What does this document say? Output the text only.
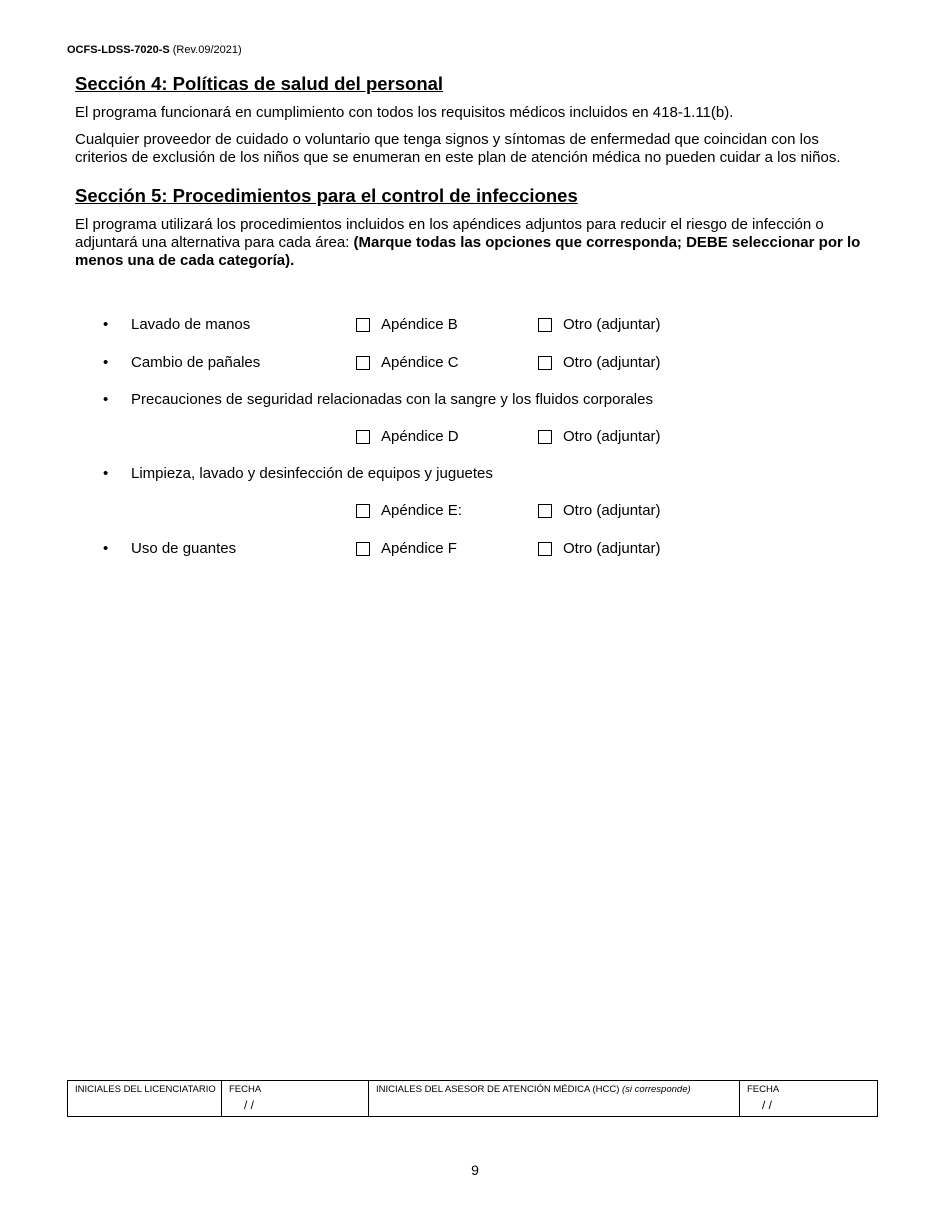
OCFS-LDSS-7020-S (Rev.09/2021)
Sección 4: Políticas de salud del personal
El programa funcionará en cumplimiento con todos los requisitos médicos incluidos en 418-1.11(b).
Cualquier proveedor de cuidado o voluntario que tenga signos y síntomas de enfermedad que coincidan con los criterios de exclusión de los niños que se enumeran en este plan de atención médica no pueden cuidar a los niños.
Sección 5: Procedimientos para el control de infecciones
El programa utilizará los procedimientos incluidos en los apéndices adjuntos para reducir el riesgo de infección o adjuntará una alternativa para cada área: (Marque todas las opciones que corresponda; DEBE seleccionar por lo menos una de cada categoría).
• Lavado de manos	Apéndice B	Otro (adjuntar)
• Cambio de pañales	Apéndice C	Otro (adjuntar)
• Precauciones de seguridad relacionadas con la sangre y los fluidos corporales
Apéndice D	Otro (adjuntar)
• Limpieza, lavado y desinfección de equipos y juguetes
Apéndice E:	Otro (adjuntar)
• Uso de guantes	Apéndice F	Otro (adjuntar)
INICIALES DEL LICENCIATARIO	FECHA
/ /
INICIALES DEL ASESOR DE ATENCIÓN MÉDICA (HCC) (si corresponde)	FECHA
/ /
9
